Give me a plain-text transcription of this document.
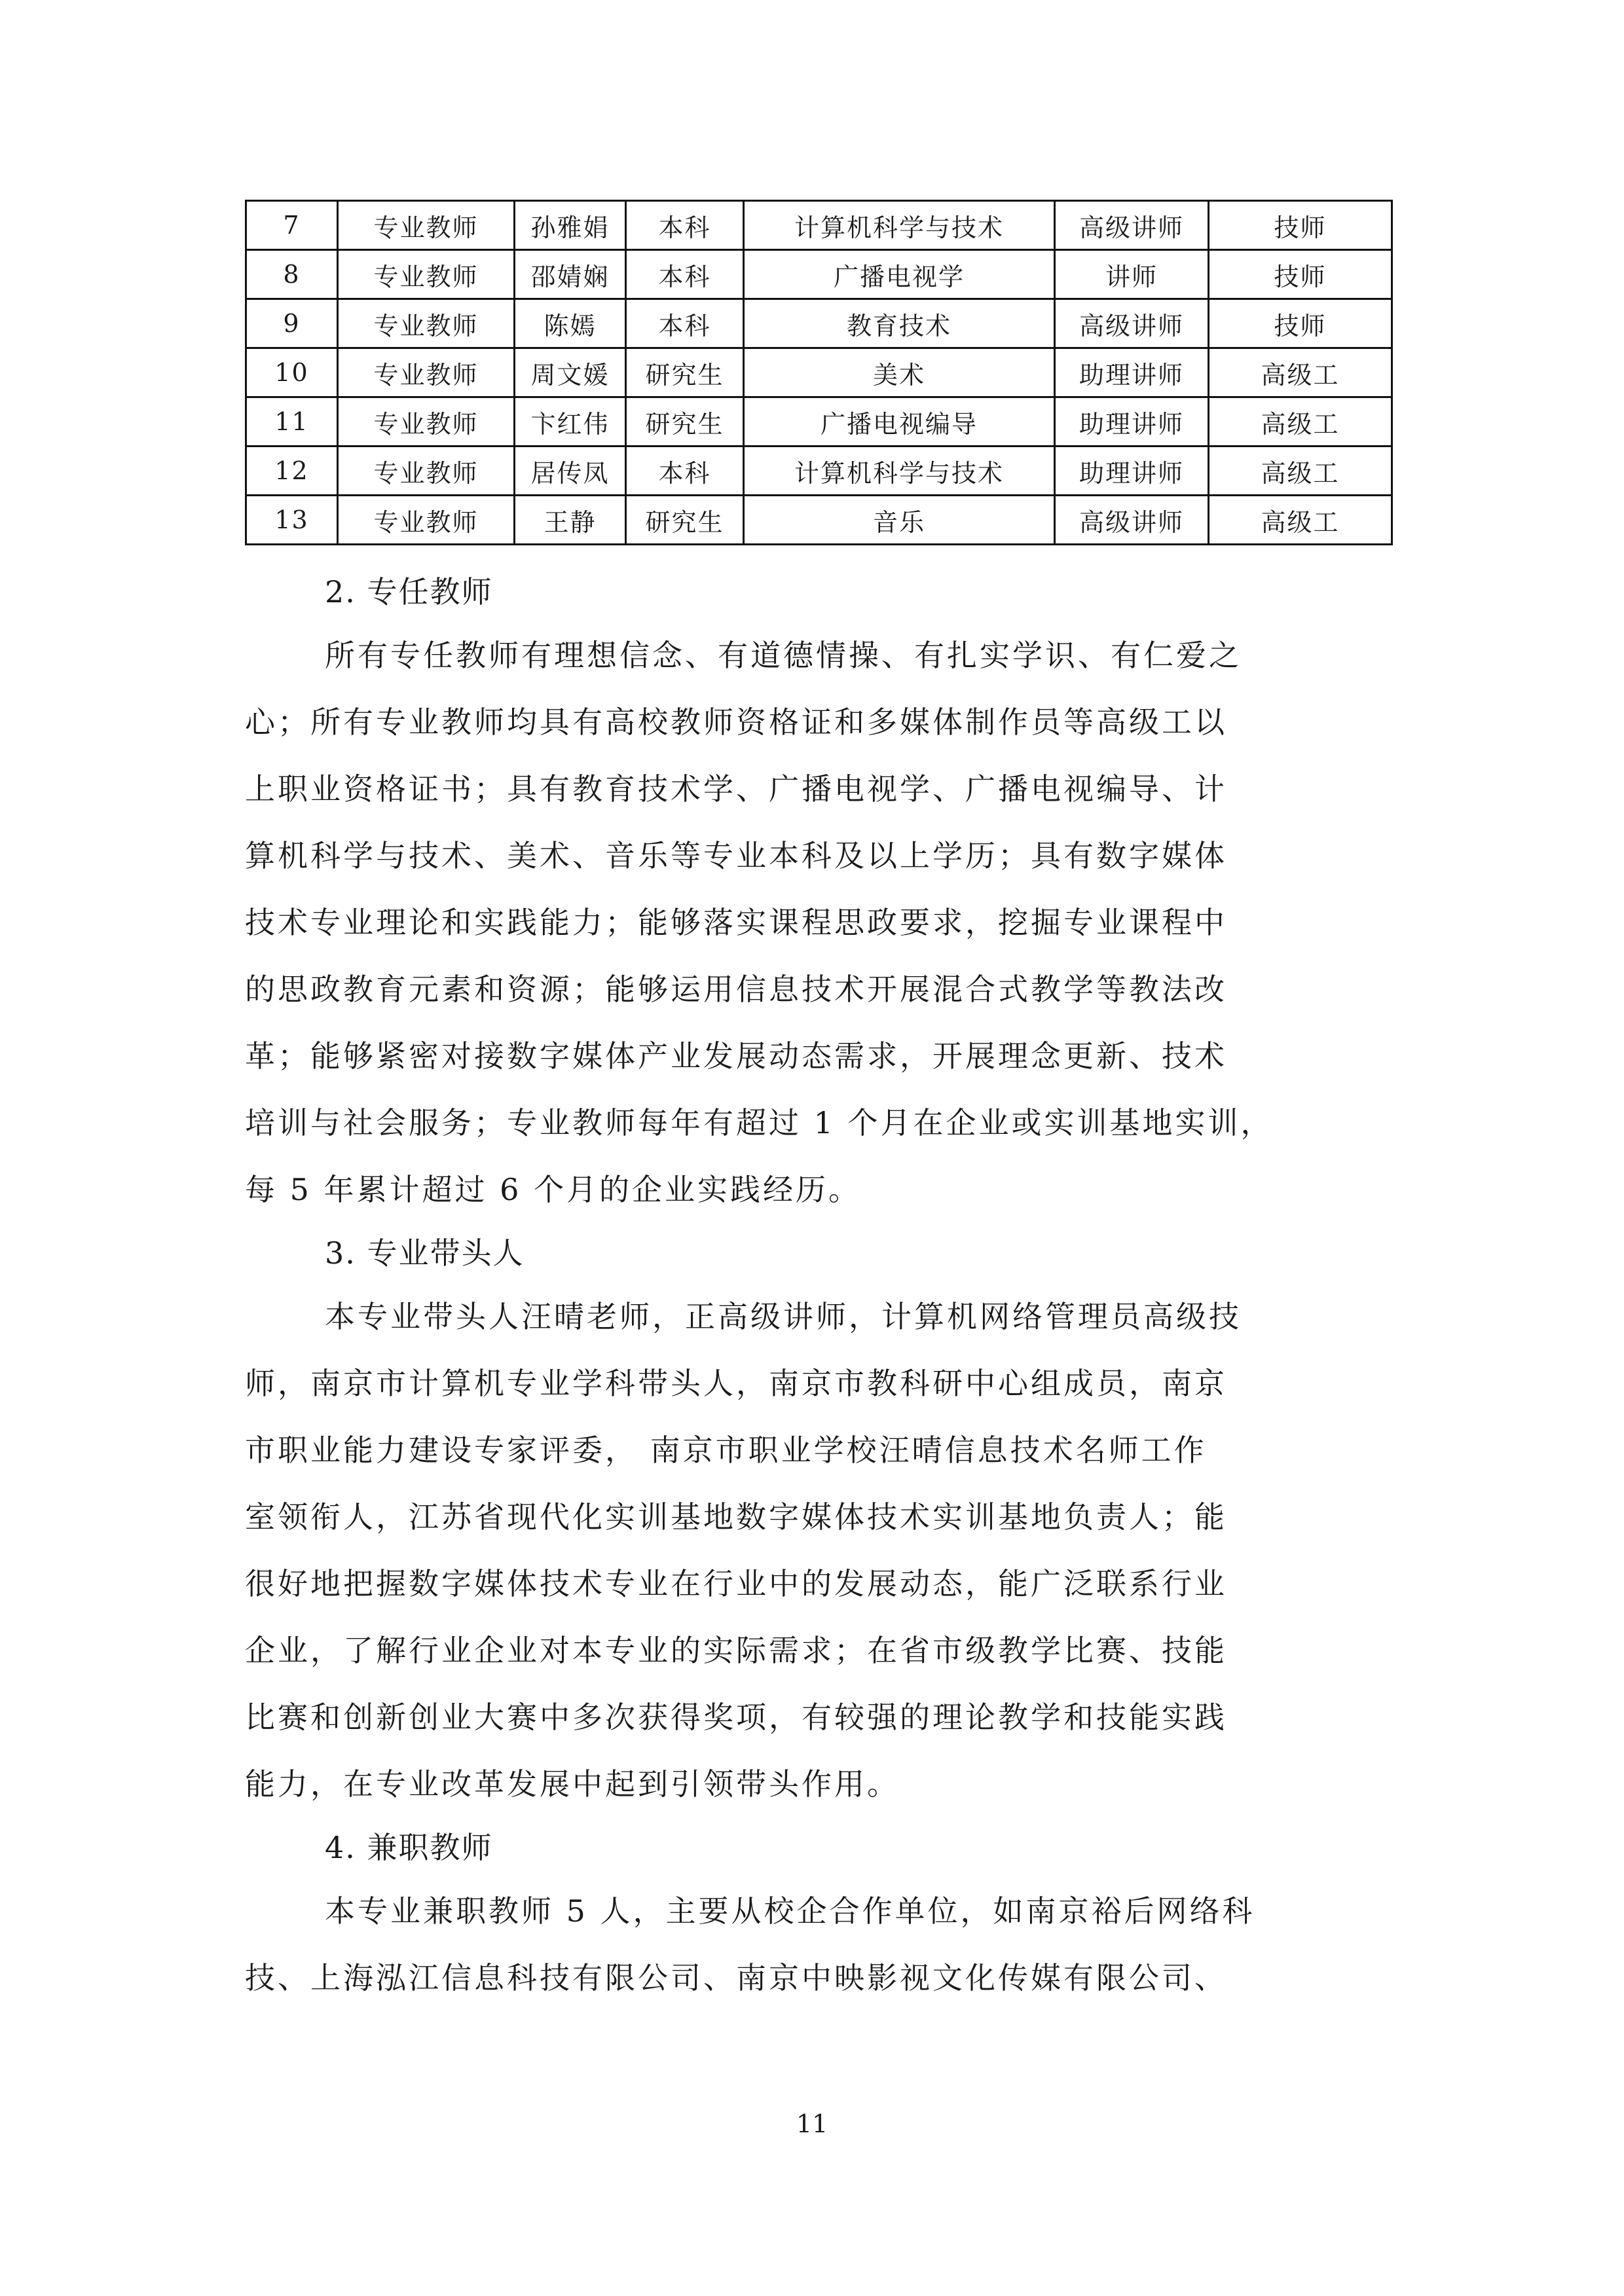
7	专业教师	孙雅娟	本科	计算机科学与技术	高级讲师	技师
8	专业教师	邵婧娴	本科	广播电视学	讲师	技师
9	专业教师	陈嫣	本科	教育技术	高级讲师	技师
10	专业教师	周文媛	研究生	美术	助理讲师	高级工
11	专业教师	卞红伟	研究生	广播电视编导	助理讲师	高级工
12	专业教师	居传凤	本科	计算机科学与技术	助理讲师	高级工
13	专业教师	王静	研究生	音乐	高级讲师	高级工
2. 专任教师
所有专任教师有理想信念、有道德情操、有扎实学识、有仁爱之
心；所有专业教师均具有高校教师资格证和多媒体制作员等高级工以
上职业资格证书；具有教育技术学、广播电视学、广播电视编导、计
算机科学与技术、美术、音乐等专业本科及以上学历；具有数字媒体
技术专业理论和实践能力；能够落实课程思政要求，挖掘专业课程中
的思政教育元素和资源；能够运用信息技术开展混合式教学等教法改
革；能够紧密对接数字媒体产业发展动态需求，开展理念更新、技术
培训与社会服务；专业教师每年有超过 1 个月在企业或实训基地实训，
每 5 年累计超过 6 个月的企业实践经历。
3. 专业带头人
本专业带头人汪晴老师，正高级讲师，计算机网络管理员高级技
师，南京市计算机专业学科带头人，南京市教科研中心组成员，南京
市职业能力建设专家评委， 南京市职业学校汪晴信息技术名师工作
室领衔人，江苏省现代化实训基地数字媒体技术实训基地负责人；能
很好地把握数字媒体技术专业在行业中的发展动态，能广泛联系行业
企业，了解行业企业对本专业的实际需求；在省市级教学比赛、技能
比赛和创新创业大赛中多次获得奖项，有较强的理论教学和技能实践
能力，在专业改革发展中起到引领带头作用。
4. 兼职教师
本专业兼职教师 5 人，主要从校企合作单位，如南京裕后网络科
技、上海泓江信息科技有限公司、南京中映影视文化传媒有限公司、
11
